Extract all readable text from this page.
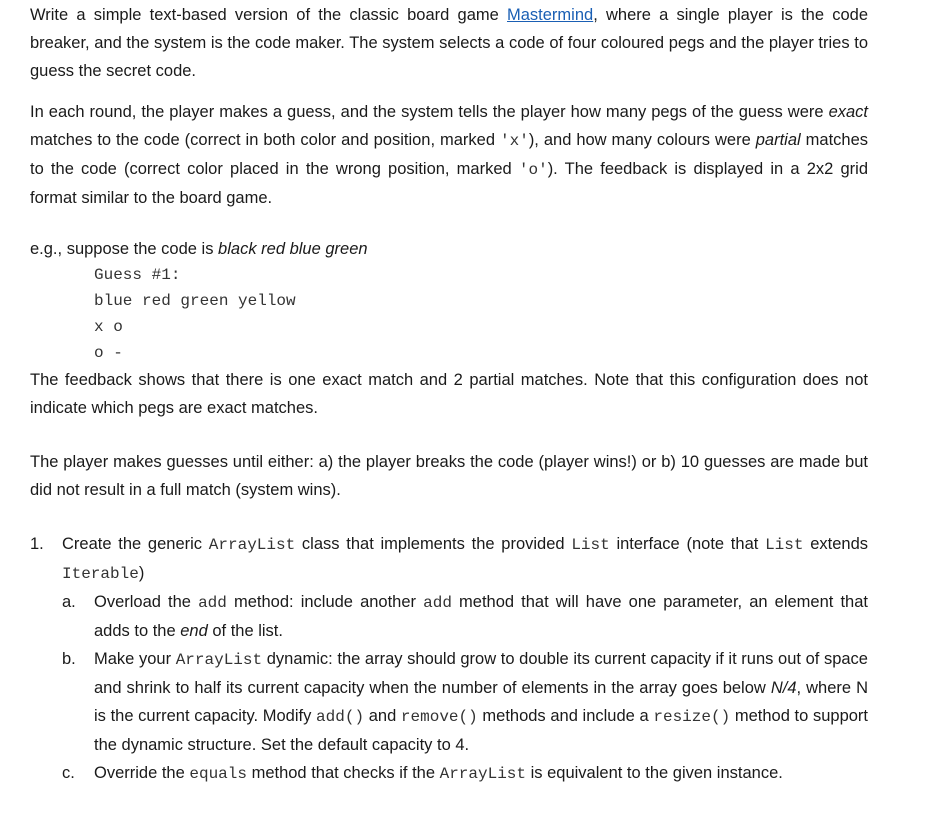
Write a simple text-based version of the classic board game Mastermind, where a single player is the code breaker, and the system is the code maker. The system selects a code of four coloured pegs and the player tries to guess the secret code.

In each round, the player makes a guess, and the system tells the player how many pegs of the guess were exact matches to the code (correct in both color and position, marked 'x'), and how many colours were partial matches to the code (correct color placed in the wrong position, marked 'o'). The feedback is displayed in a 2x2 grid format similar to the board game.

e.g., suppose the code is black red blue green

Guess #1:
blue red green yellow
x o
o -

The feedback shows that there is one exact match and 2 partial matches. Note that this configuration does not indicate which pegs are exact matches.

The player makes guesses until either: a) the player breaks the code (player wins!) or b) 10 guesses are made but did not result in a full match (system wins).

1. Create the generic ArrayList class that implements the provided List interface (note that List extends Iterable)
a. Overload the add method: include another add method that will have one parameter, an element that adds to the end of the list.
b. Make your ArrayList dynamic: the array should grow to double its current capacity if it runs out of space and shrink to half its current capacity when the number of elements in the array goes below N/4, where N is the current capacity. Modify add() and remove() methods and include a resize() method to support the dynamic structure. Set the default capacity to 4.
c. Override the equals method that checks if the ArrayList is equivalent to the given instance.
